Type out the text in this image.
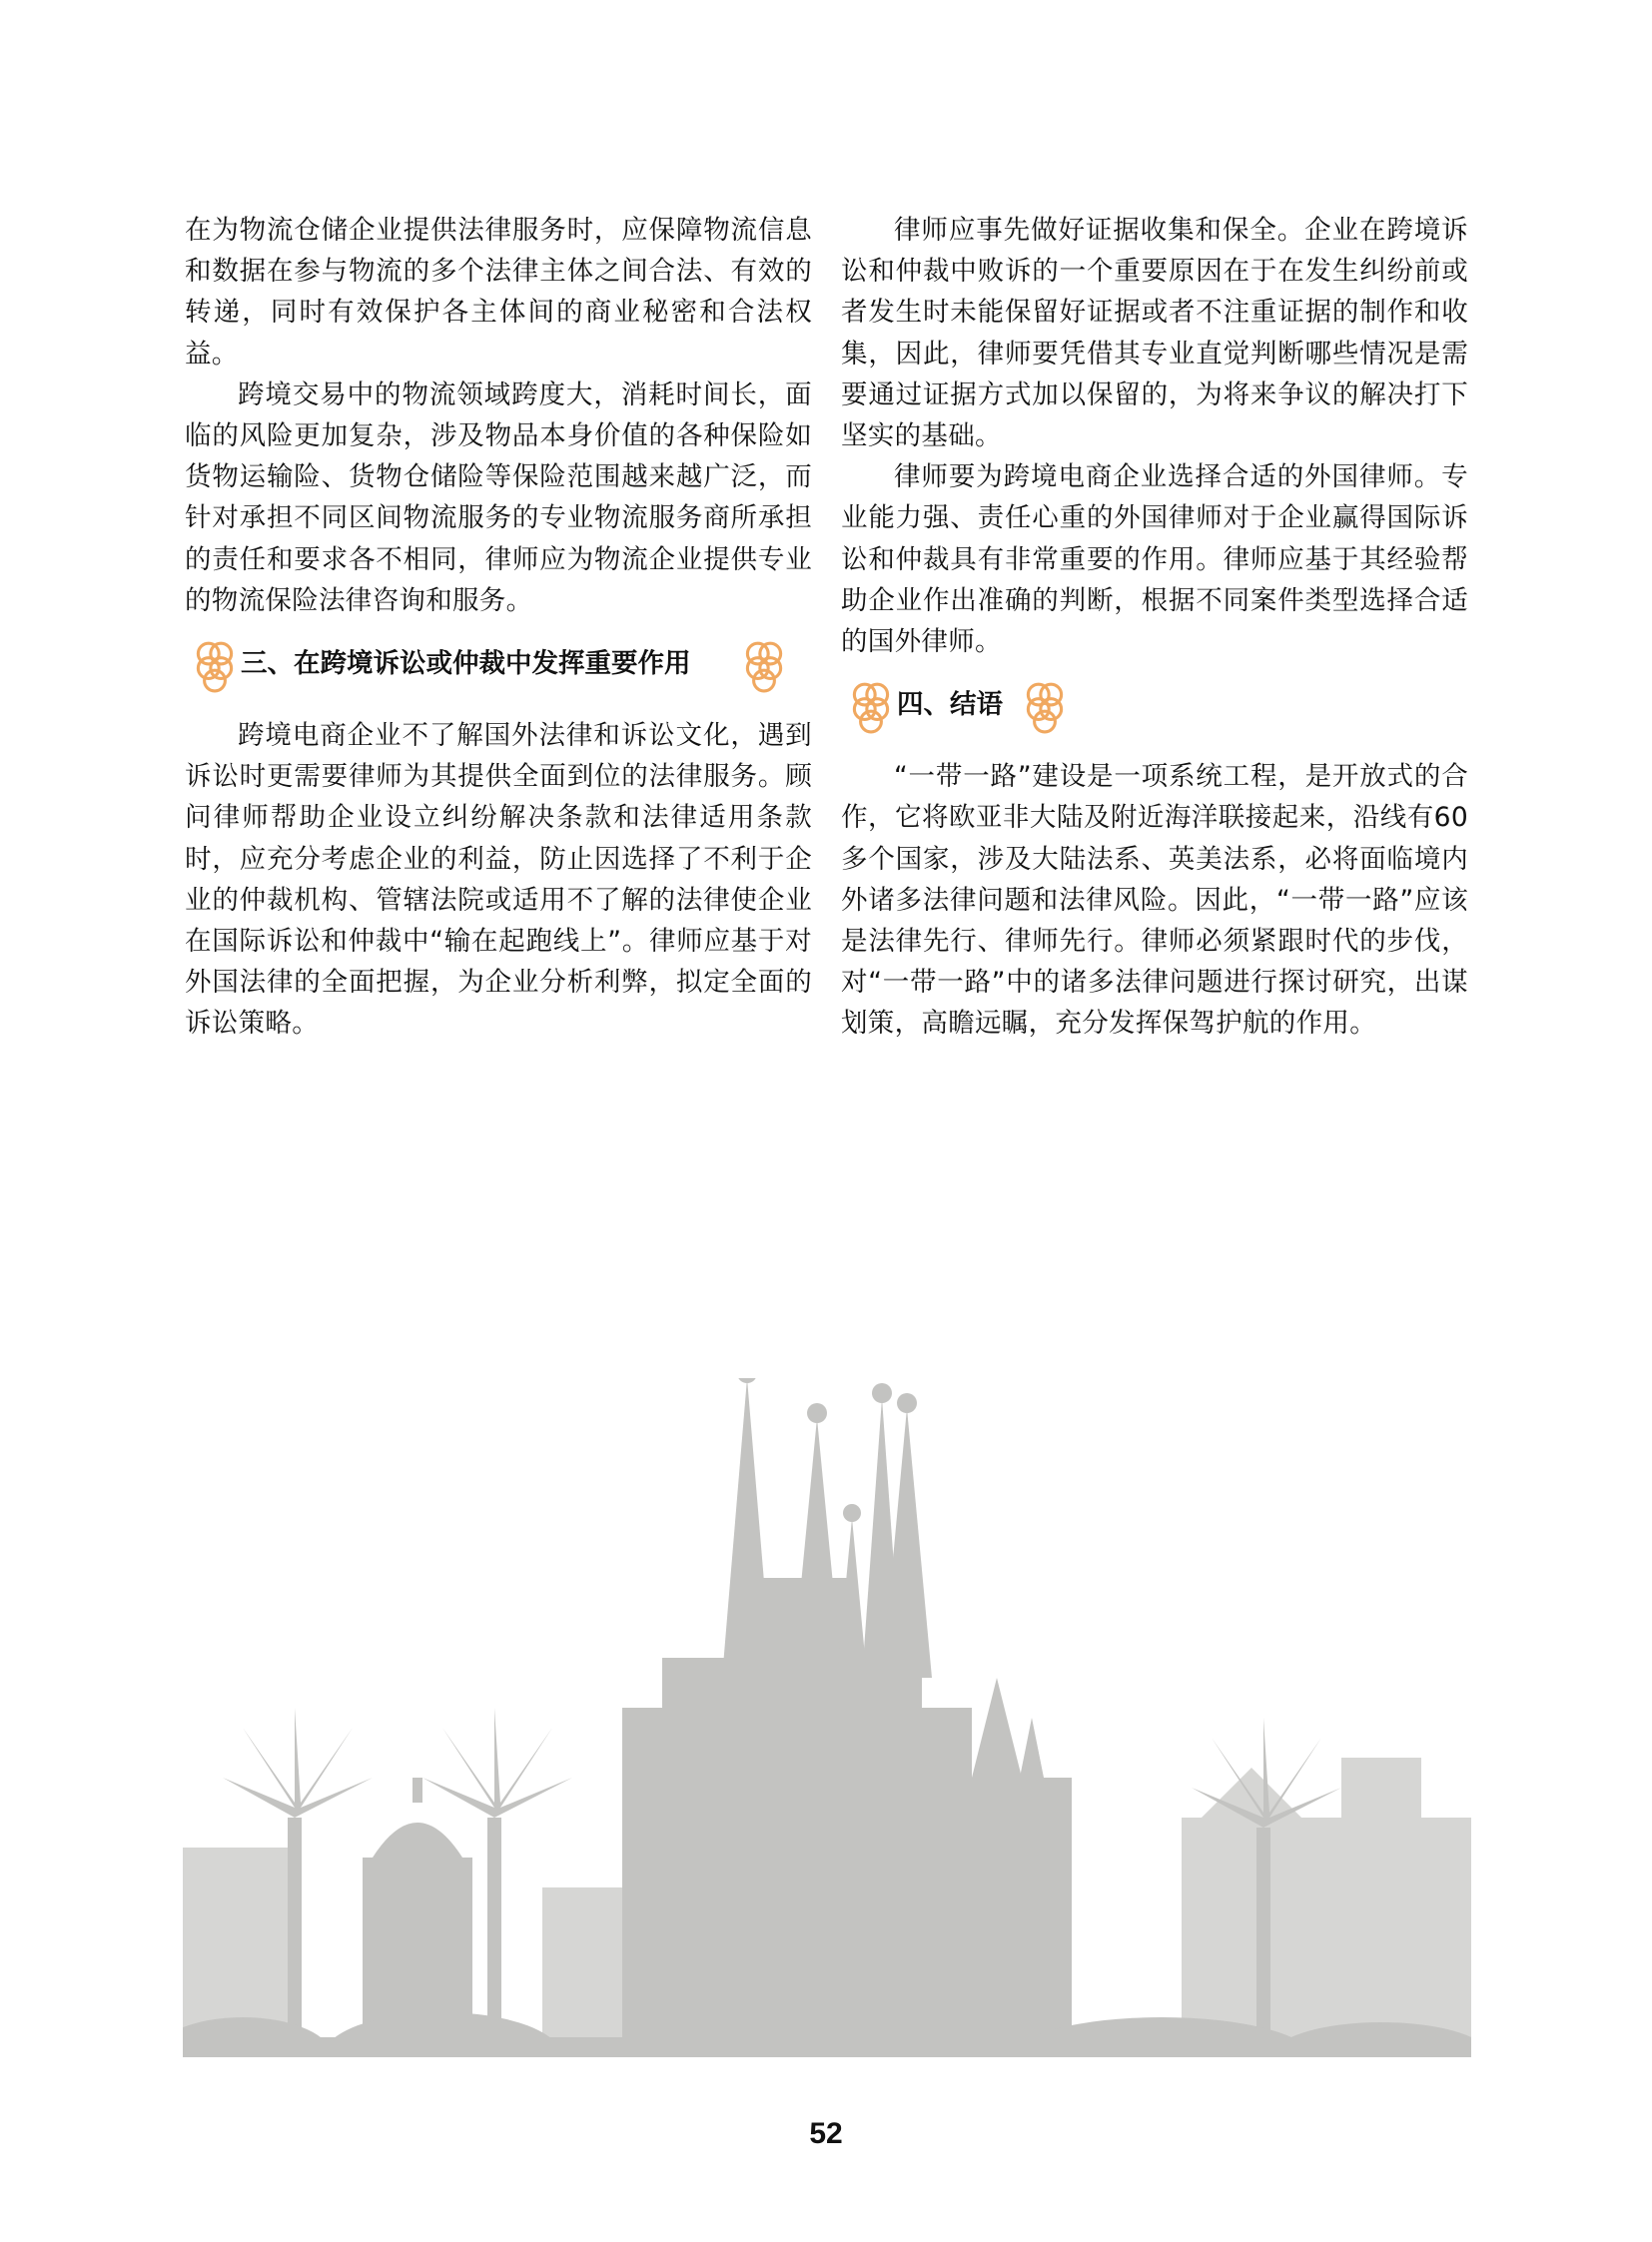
在为物流仓储企业提供法律服务时，应保障物流信息和数据在参与物流的多个法律主体之间合法、有效的转递，同时有效保护各主体间的商业秘密和合法权益。

跨境交易中的物流领域跨度大，消耗时间长，面临的风险更加复杂，涉及物品本身价值的各种保险如货物运输险、货物仓储险等保险范围越来越广泛，而针对承担不同区间物流服务的专业物流服务商所承担的责任和要求各不相同，律师应为物流企业提供专业的物流保险法律咨询和服务。

三、在跨境诉讼或仲裁中发挥重要作用

跨境电商企业不了解国外法律和诉讼文化，遇到诉讼时更需要律师为其提供全面到位的法律服务。顾问律师帮助企业设立纠纷解决条款和法律适用条款时，应充分考虑企业的利益，防止因选择了不利于企业的仲裁机构、管辖法院或适用不了解的法律使企业在国际诉讼和仲裁中“输在起跑线上”。律师应基于对外国法律的全面把握，为企业分析利弊，拟定全面的诉讼策略。

律师应事先做好证据收集和保全。企业在跨境诉讼和仲裁中败诉的一个重要原因在于在发生纠纷前或者发生时未能保留好证据或者不注重证据的制作和收集，因此，律师要凭借其专业直觉判断哪些情况是需要通过证据方式加以保留的，为将来争议的解决打下坚实的基础。

律师要为跨境电商企业选择合适的外国律师。专业能力强、责任心重的外国律师对于企业赢得国际诉讼和仲裁具有非常重要的作用。律师应基于其经验帮助企业作出准确的判断，根据不同案件类型选择合适的国外律师。

四、结语

“一带一路”建设是一项系统工程，是开放式的合作，它将欧亚非大陆及附近海洋联接起来，沿线有60多个国家，涉及大陆法系、英美法系，必将面临境内外诸多法律问题和法律风险。因此，“一带一路”应该是法律先行、律师先行。律师必须紧跟时代的步伐，对“一带一路”中的诸多法律问题进行探讨研究，出谋划策，高瞻远瞩，充分发挥保驾护航的作用。

52
